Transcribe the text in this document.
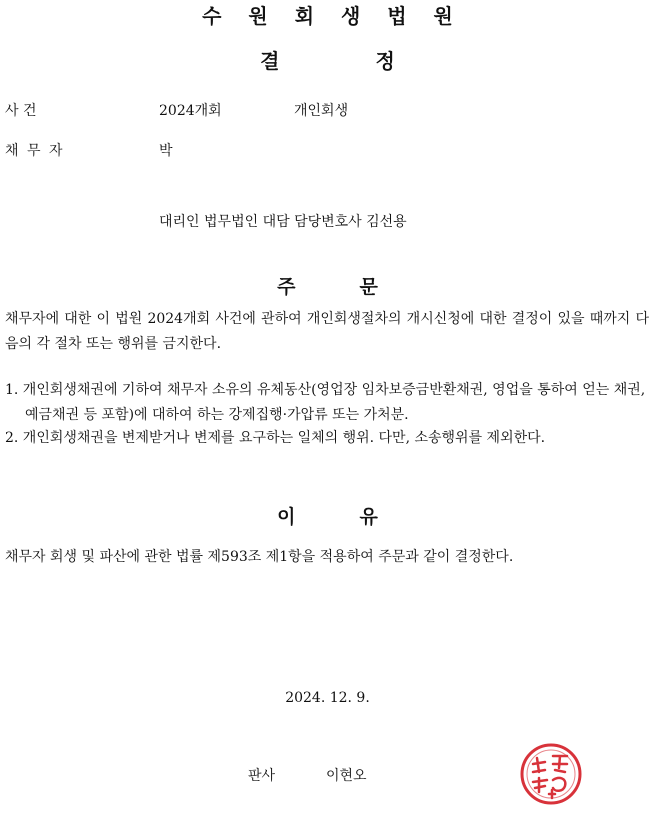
수 원 회 생 법 원
결	정
사 건	2024개회	개인회생
채 무 자	박
대리인 법무법인 대담 담당변호사 김선용
주	문
채무자에 대한 이 법원 2024개회 사건에 관하여 개인회생절차의 개시신청에 대한 결정이 있을 때까지 다음의 각 절차 또는 행위를 금지한다.
1. 개인회생채권에 기하여 채무자 소유의 유체동산(영업장 임차보증금반환채권, 영업을 통하여 얻는 채권, 예금채권 등 포함)에 대하여 하는 강제집행·가압류 또는 가처분.
2. 개인회생채권을 변제받거나 변제를 요구하는 일체의 행위. 다만, 소송행위를 제외한다.
이	유
채무자 회생 및 파산에 관한 법률 제593조 제1항을 적용하여 주문과 같이 결정한다.
2024. 12. 9.
판사	이현오
